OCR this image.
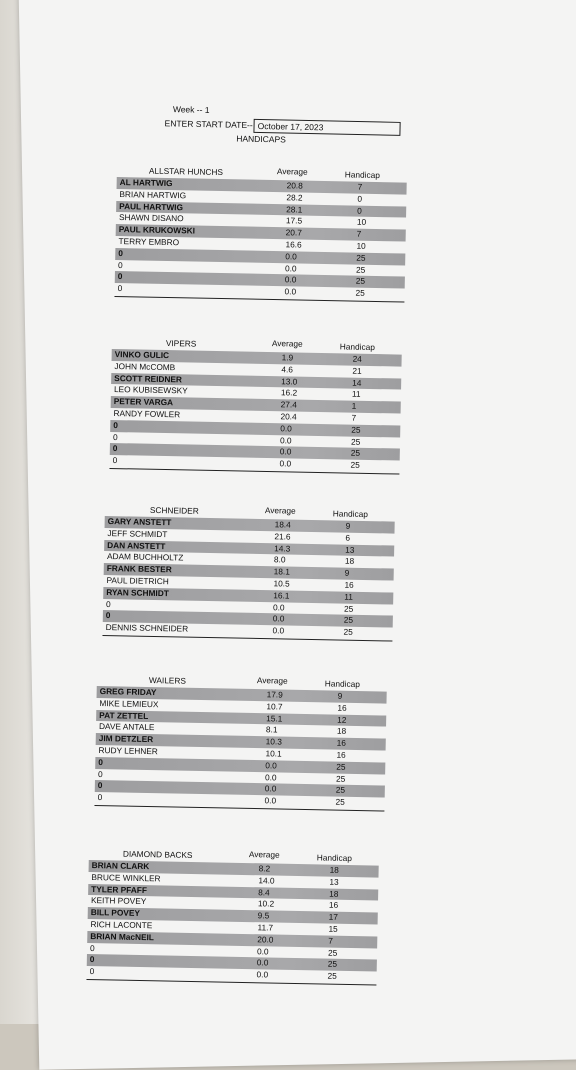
Week -- 1
ENTER START DATE-- October 17, 2023
HANDICAPS
ALLSTAR HUNCHS	Average	Handicap
AL HARTWIG	20.8	7
BRIAN HARTWIG	28.2	0
PAUL HARTWIG	28.1	0
SHAWN DISANO	17.5	10
PAUL KRUKOWSKI	20.7	7
TERRY EMBRO	16.6	10
0	0.0	25
0	0.0	25
0	0.0	25
0	0.0	25
VIPERS	Average	Handicap
VINKO GULIC	1.9	24
JOHN McCOMB	4.6	21
SCOTT REIDNER	13.0	14
LEO KUBISEWSKY	16.2	11
PETER VARGA	27.4	1
RANDY FOWLER	20.4	7
0	0.0	25
0	0.0	25
0	0.0	25
0	0.0	25
SCHNEIDER	Average	Handicap
GARY ANSTETT	18.4	9
JEFF SCHMIDT	21.6	6
DAN ANSTETT	14.3	13
ADAM BUCHHOLTZ	8.0	18
FRANK BESTER	18.1	9
PAUL DIETRICH	10.5	16
RYAN SCHMIDT	16.1	11
0	0.0	25
0	0.0	25
DENNIS SCHNEIDER	0.0	25
WAILERS	Average	Handicap
GREG FRIDAY	17.9	9
MIKE LEMIEUX	10.7	16
PAT ZETTEL	15.1	12
DAVE ANTALE	8.1	18
JIM DETZLER	10.3	16
RUDY LEHNER	10.1	16
0	0.0	25
0	0.0	25
0	0.0	25
0	0.0	25
DIAMOND BACKS	Average	Handicap
BRIAN CLARK	8.2	18
BRUCE WINKLER	14.0	13
TYLER PFAFF	8.4	18
KEITH POVEY	10.2	16
BILL POVEY	9.5	17
RICH LACONTE	11.7	15
BRIAN MacNEIL	20.0	7
0	0.0	25
0	0.0	25
0	0.0	25
